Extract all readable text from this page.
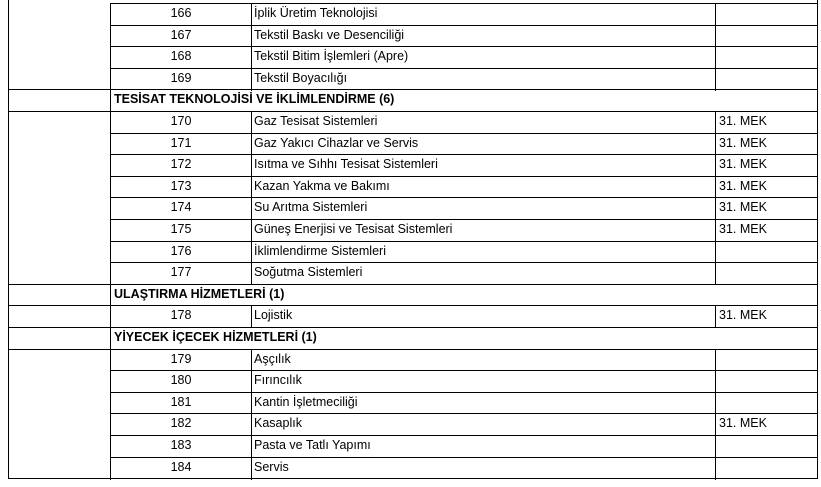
166	İplik Üretim Teknolojisi
167	Tekstil Baskı ve Desenciliği
168	Tekstil Bitim İşlemleri (Apre)
169	Tekstil Boyacılığı
TESİSAT TEKNOLOJİSİ VE İKLİMLENDİRME (6)
170	Gaz Tesisat Sistemleri	31. MEK
171	Gaz Yakıcı Cihazlar ve Servis	31. MEK
172	Isıtma ve Sıhhı Tesisat Sistemleri	31. MEK
173	Kazan Yakma ve Bakımı	31. MEK
174	Su Arıtma Sistemleri	31. MEK
175	Güneş Enerjisi ve Tesisat Sistemleri	31. MEK
176	İklimlendirme Sistemleri
177	Soğutma Sistemleri
ULAŞTIRMA HİZMETLERİ (1)
178	Lojistik	31. MEK
YİYECEK İÇECEK HİZMETLERİ (1)
179	Aşçılık
180	Fırıncılık
181	Kantin İşletmeciliği
182	Kasaplık	31. MEK
183	Pasta ve Tatlı Yapımı
184	Servis
